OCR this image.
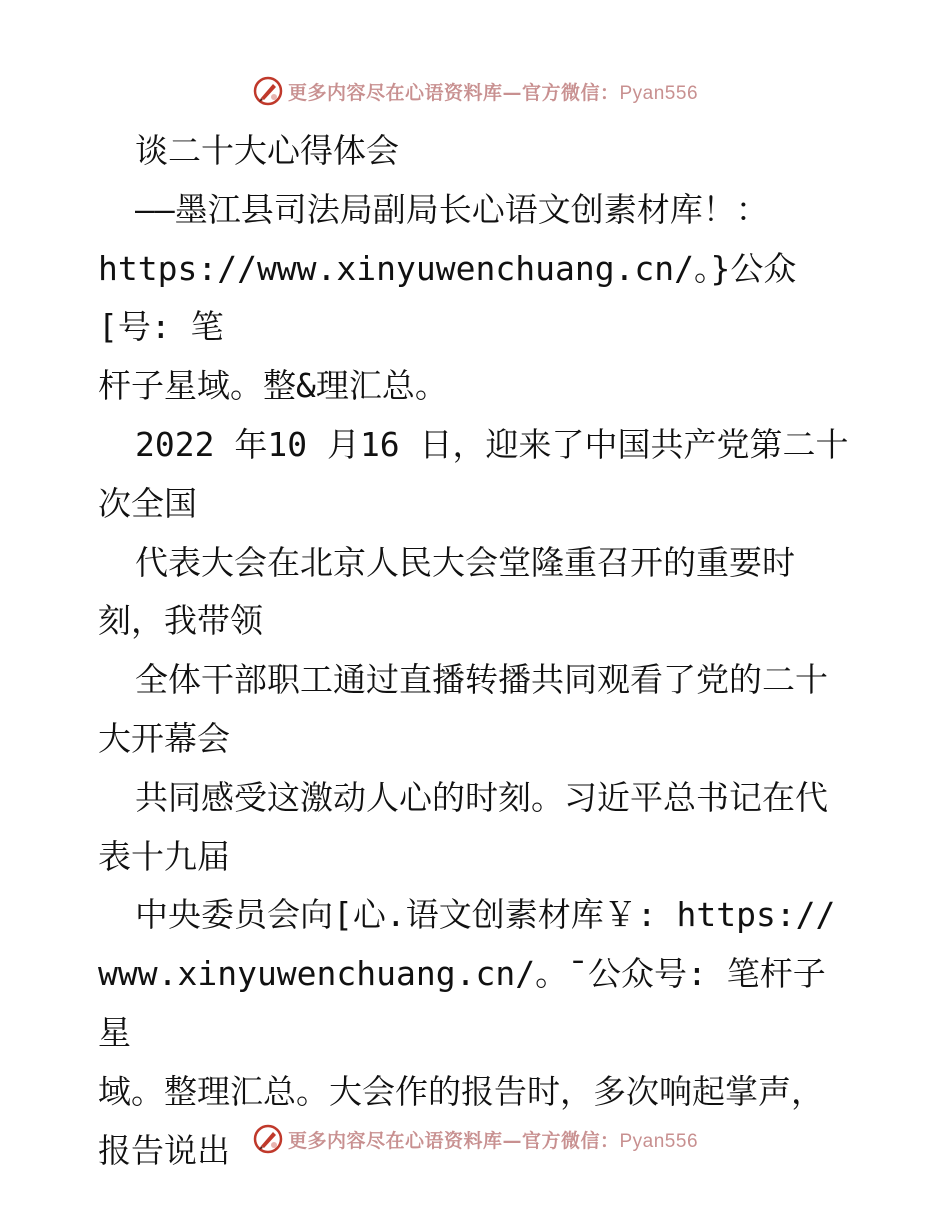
更多内容尽在心语资料库—官方微信：Pyan556

谈二十大心得体会

——墨江县司法局副局长心语文创素材库！：

https://www.xinyuwenchuang.cn/。}公众[号: 笔

杆子星域。整&理汇总。

2022 年10 月16 日，迎来了中国共产党第二十

次全国

代表大会在北京人民大会堂隆重召开的重要时

刻，我带领

全体干部职工通过直播转播共同观看了党的二十

大开幕会

共同感受这激动人心的时刻。习近平总书记在代

表十九届

中央委员会向[心.语文创素材库￥: https://

www.xinyuwenchuang.cn/。¯公众号: 笔杆子星

域。整理汇总。大会作的报告时，多次响起掌声，

报告说出	更多内容尽在心语资料库—官方微信：Pyan556
